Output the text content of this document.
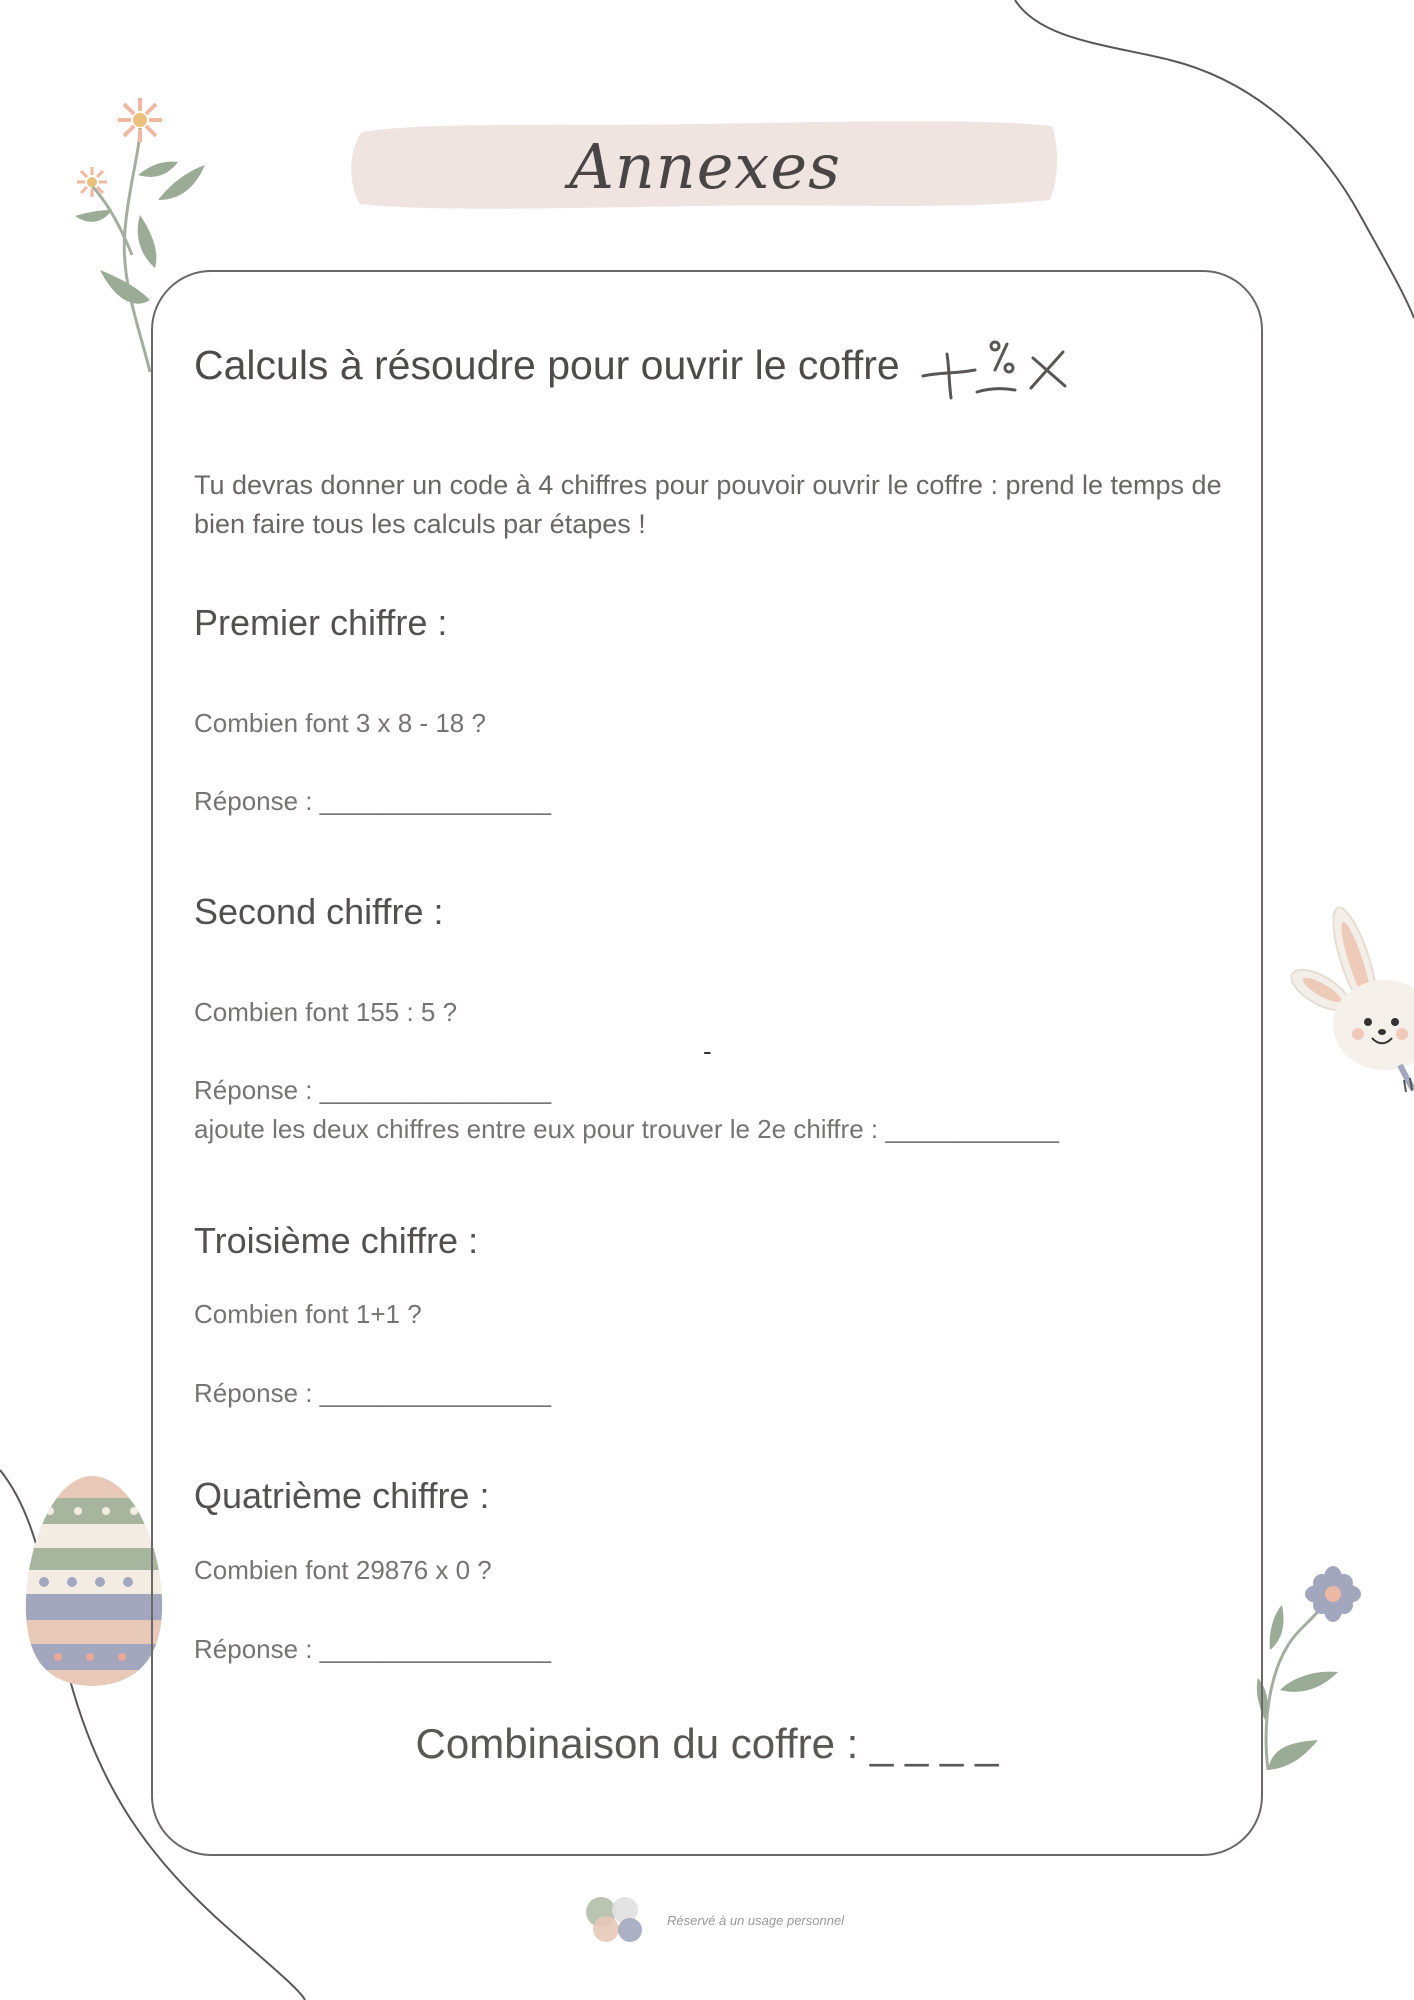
Annexes
Calculs à résoudre pour ouvrir le coffre
Tu devras donner un code à 4 chiffres pour pouvoir ouvrir le coffre : prend le temps de bien faire tous les calculs par étapes !
Premier chiffre :
Combien font 3 x 8 - 18 ?
Réponse : ________________
Second chiffre :
Combien font 155 : 5 ?
-
Réponse : ________________
ajoute les deux chiffres entre eux pour trouver le 2e chiffre : ____________
Troisième chiffre :
Combien font 1+1 ?
Réponse : ________________
Quatrième chiffre :
Combien font 29876 x 0 ?
Réponse : ________________
Combinaison du coffre : _ _ _ _
Réservé à un usage personnel
